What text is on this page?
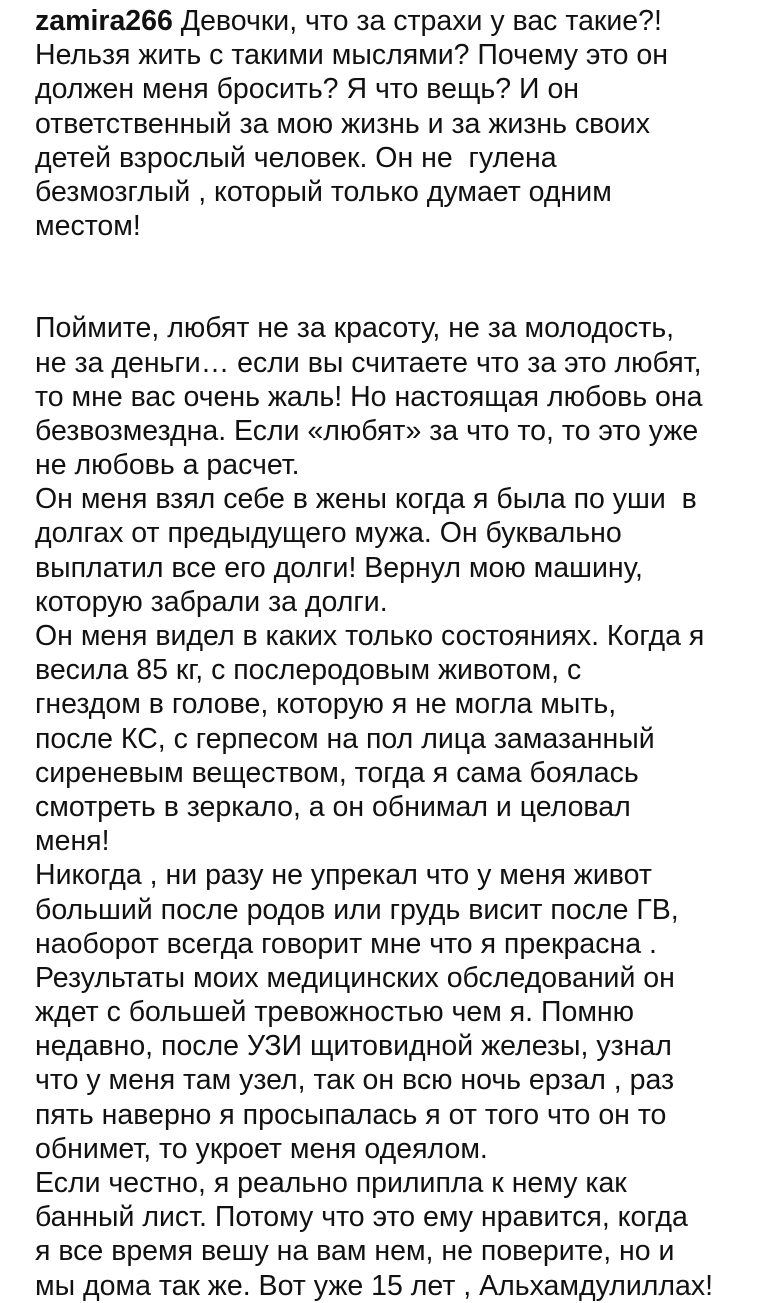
zamira266 Девочки, что за страхи у вас такие?!
Нельзя жить с такими мыслями? Почему это он
должен меня бросить? Я что вещь? И он
ответственный за мою жизнь и за жизнь своих
детей взрослый человек. Он не  гулена
безмозглый , который только думает одним
местом!
Поймите, любят не за красоту, не за молодость,
не за деньги… если вы считаете что за это любят,
то мне вас очень жаль! Но настоящая любовь она
безвозмездна. Если «любят» за что то, то это уже
не любовь а расчет.
Он меня взял себе в жены когда я была по уши  в
долгах от предыдущего мужа. Он буквально
выплатил все его долги! Вернул мою машину,
которую забрали за долги.
Он меня видел в каких только состояниях. Когда я
весила 85 кг, с послеродовым животом, с
гнездом в голове, которую я не могла мыть,
после КС, с герпесом на пол лица замазанный
сиреневым веществом, тогда я сама боялась
смотреть в зеркало, а он обнимал и целовал
меня!
Никогда , ни разу не упрекал что у меня живот
больший после родов или грудь висит после ГВ,
наоборот всегда говорит мне что я прекрасна .
Результаты моих медицинских обследований он
ждет с большей тревожностью чем я. Помню
недавно, после УЗИ щитовидной железы, узнал
что у меня там узел, так он всю ночь ерзал , раз
пять наверно я просыпалась я от того что он то
обнимет, то укроет меня одеялом.
Если честно, я реально прилипла к нему как
банный лист. Потому что это ему нравится, когда
я все время вешу на вам нем, не поверите, но и
мы дома так же. Вот уже 15 лет , Альхамдулиллах!
